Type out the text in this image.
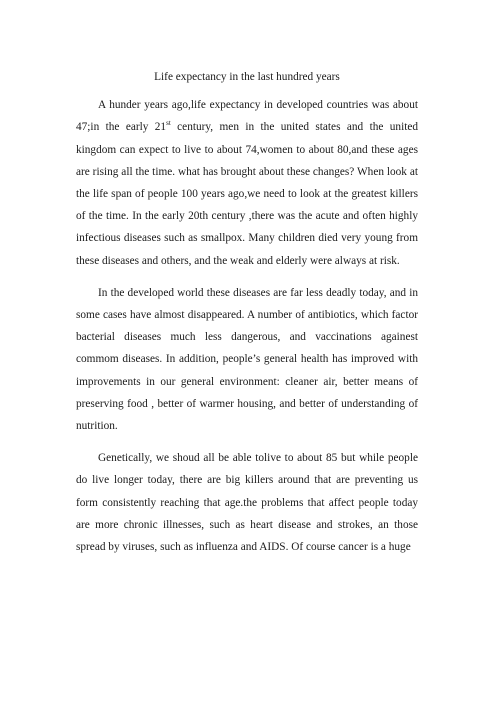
Life expectancy in the last hundred years

A hunder years ago,life expectancy in developed countries was about 47;in the early 21st century, men in the united states and the united kingdom can expect to live to about 74,women to about 80,and these ages are rising all the time. what has brought about these changes? When look at the life span of people 100 years ago,we need to look at the greatest killers of the time. In the early 20th century ,there was the acute and often highly infectious diseases such as smallpox. Many children died very young from these diseases and others, and the weak and elderly were always at risk.

In the developed world these diseases are far less deadly today, and in some cases have almost disappeared. A number of antibiotics, which factor bacterial diseases much less dangerous, and vaccinations againest commom diseases. In addition, people’s general health has improved with improvements in our general environment: cleaner air, better means of preserving food , better of warmer housing, and better of understanding of nutrition.

Genetically, we shoud all be able tolive to about 85 but while people do live longer today, there are big killers around that are preventing us form consistently reaching that age.the problems that affect people today are more chronic illnesses, such as heart disease and strokes, an those spread by viruses, such as influenza and AIDS. Of course cancer is a huge
